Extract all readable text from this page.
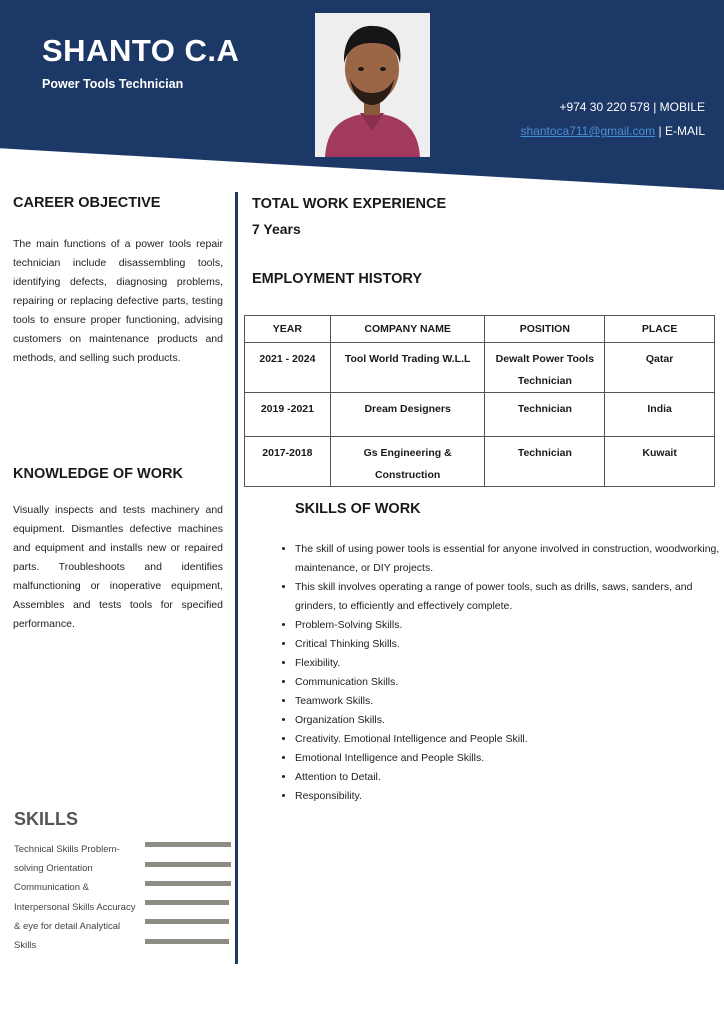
SHANTO C.A
Power Tools Technician
+974 30 220 578 | MOBILE
shantoca711@gmail.com | E-MAIL
CAREER OBJECTIVE

The main functions of a power tools repair technician include disassembling tools, identifying defects, diagnosing problems, repairing or replacing defective parts, testing tools to ensure proper functioning, advising customers on maintenance products and methods, and selling such products.

KNOWLEDGE OF WORK

Visually inspects and tests machinery and equipment. Dismantles defective machines and equipment and installs new or repaired parts. Troubleshoots and identifies malfunctioning or inoperative equipment, Assembles and tests tools for specified performance.

SKILLS
Technical Skills Problem-solving Orientation Communication & Interpersonal Skills Accuracy & eye for detail Analytical Skills
TOTAL WORK EXPERIENCE
7 Years
EMPLOYMENT HISTORY
YEAR	COMPANY NAME	POSITION	PLACE
2021 - 2024	Tool World Trading W.L.L	Dewalt Power Tools Technician	Qatar
2019 -2021	Dream Designers	Technician	India
2017-2018	Gs Engineering & Construction	Technician	Kuwait
SKILLS OF WORK
• The skill of using power tools is essential for anyone involved in construction, woodworking, maintenance, or DIY projects.
• This skill involves operating a range of power tools, such as drills, saws, sanders, and grinders, to efficiently and effectively complete.
• Problem-Solving Skills.
• Critical Thinking Skills.
• Flexibility.
• Communication Skills.
• Teamwork Skills.
• Organization Skills.
• Creativity. Emotional Intelligence and People Skill.
• Emotional Intelligence and People Skills.
• Attention to Detail.
• Responsibility.
